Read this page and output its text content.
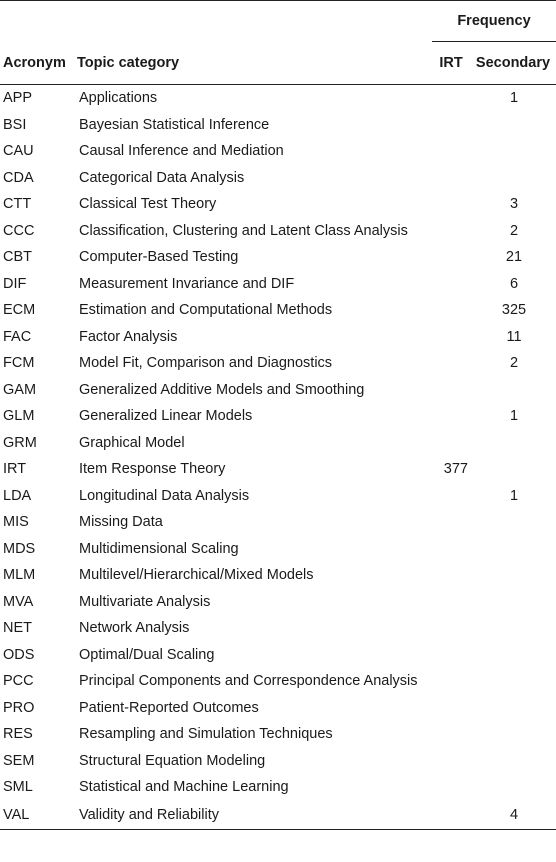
		Frequency	
Acronym	Topic category	IRT	Secondary
APP	Applications		1
BSI	Bayesian Statistical Inference		
CAU	Causal Inference and Mediation		
CDA	Categorical Data Analysis		
CTT	Classical Test Theory		3
CCC	Classification, Clustering and Latent Class Analysis		2
CBT	Computer-Based Testing		21
DIF	Measurement Invariance and DIF		6
ECM	Estimation and Computational Methods		325
FAC	Factor Analysis		11
FCM	Model Fit, Comparison and Diagnostics		2
GAM	Generalized Additive Models and Smoothing		
GLM	Generalized Linear Models		1
GRM	Graphical Model		
IRT	Item Response Theory	377	
LDA	Longitudinal Data Analysis		1
MIS	Missing Data		
MDS	Multidimensional Scaling		
MLM	Multilevel/Hierarchical/Mixed Models		
MVA	Multivariate Analysis		
NET	Network Analysis		
ODS	Optimal/Dual Scaling		
PCC	Principal Components and Correspondence Analysis		
PRO	Patient-Reported Outcomes		
RES	Resampling and Simulation Techniques		
SEM	Structural Equation Modeling		
SML	Statistical and Machine Learning		
VAL	Validity and Reliability		4
